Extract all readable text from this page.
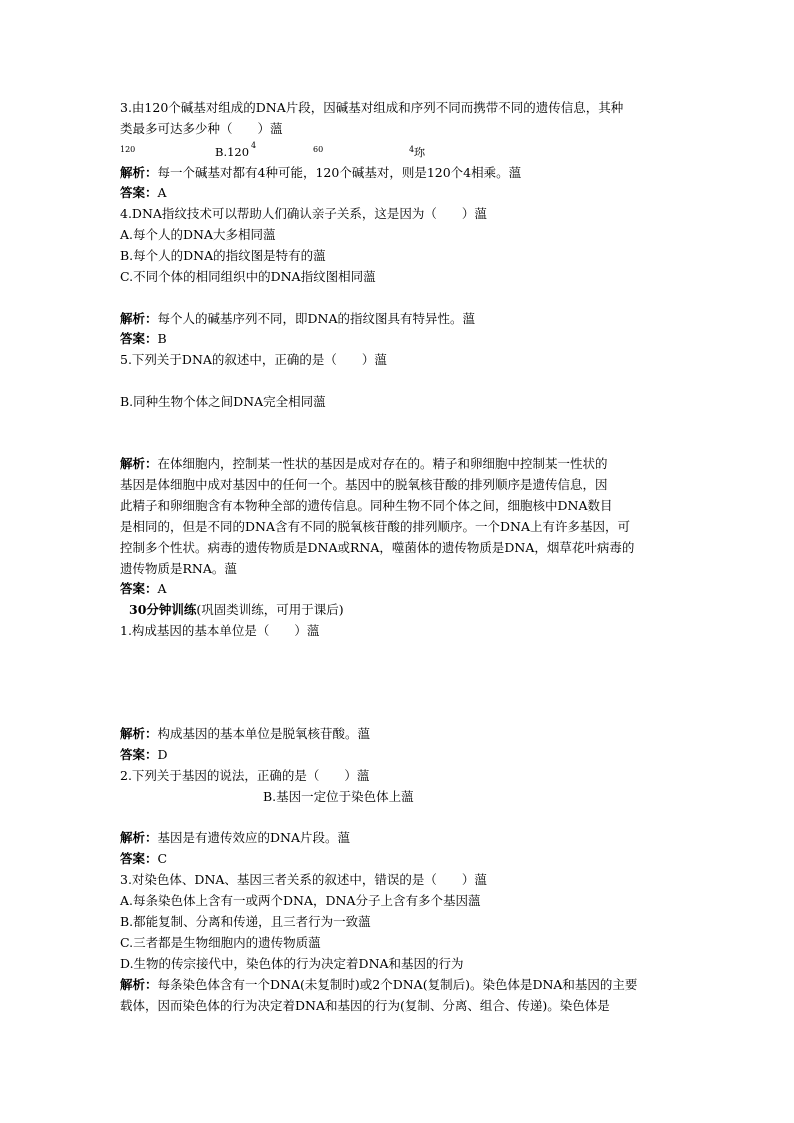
3.由120个碱基对组成的DNA片段，因碱基对组成和序列不同而携带不同的遗传信息，其种
类最多可达多少种（　　）薀
120	B.120 4	60	4 珎
解析：每一个碱基对都有4种可能，120个碱基对，则是120个4相乘。薀
答案：A
4.DNA指纹技术可以帮助人们确认亲子关系，这是因为（　　）薀
A.每个人的DNA大多相同薀
B.每个人的DNA的指纹图是特有的薀
C.不同个体的相同组织中的DNA指纹图相同薀
解析：每个人的碱基序列不同，即DNA的指纹图具有特异性。薀
答案：B
5.下列关于DNA的叙述中，正确的是（　　）薀
B.同种生物个体之间DNA完全相同薀
解析：在体细胞内，控制某一性状的基因是成对存在的。精子和卵细胞中控制某一性状的
基因是体细胞中成对基因中的任何一个。基因中的脱氧核苷酸的排列顺序是遗传信息，因
此精子和卵细胞含有本物种全部的遗传信息。同种生物不同个体之间，细胞核中DNA数目
是相同的，但是不同的DNA含有不同的脱氧核苷酸的排列顺序。一个DNA上有许多基因，可
控制多个性状。病毒的遗传物质是DNA或RNA，噬菌体的遗传物质是DNA，烟草花叶病毒的
遗传物质是RNA。薀
答案：A
30分钟训练(巩固类训练，可用于课后)
1.构成基因的基本单位是（　　）薀
解析：构成基因的基本单位是脱氧核苷酸。薀
答案：D
2.下列关于基因的说法，正确的是（　　）薀
B.基因一定位于染色体上薀
解析：基因是有遗传效应的DNA片段。薀
答案：C
3.对染色体、DNA、基因三者关系的叙述中，错误的是（　　）薀
A.每条染色体上含有一或两个DNA，DNA分子上含有多个基因薀
B.都能复制、分离和传递，且三者行为一致薀
C.三者都是生物细胞内的遗传物质薀
D.生物的传宗接代中，染色体的行为决定着DNA和基因的行为
解析：每条染色体含有一个DNA(未复制时)或2个DNA(复制后)。染色体是DNA和基因的主要
载体，因而染色体的行为决定着DNA和基因的行为(复制、分离、组合、传递)。染色体是
